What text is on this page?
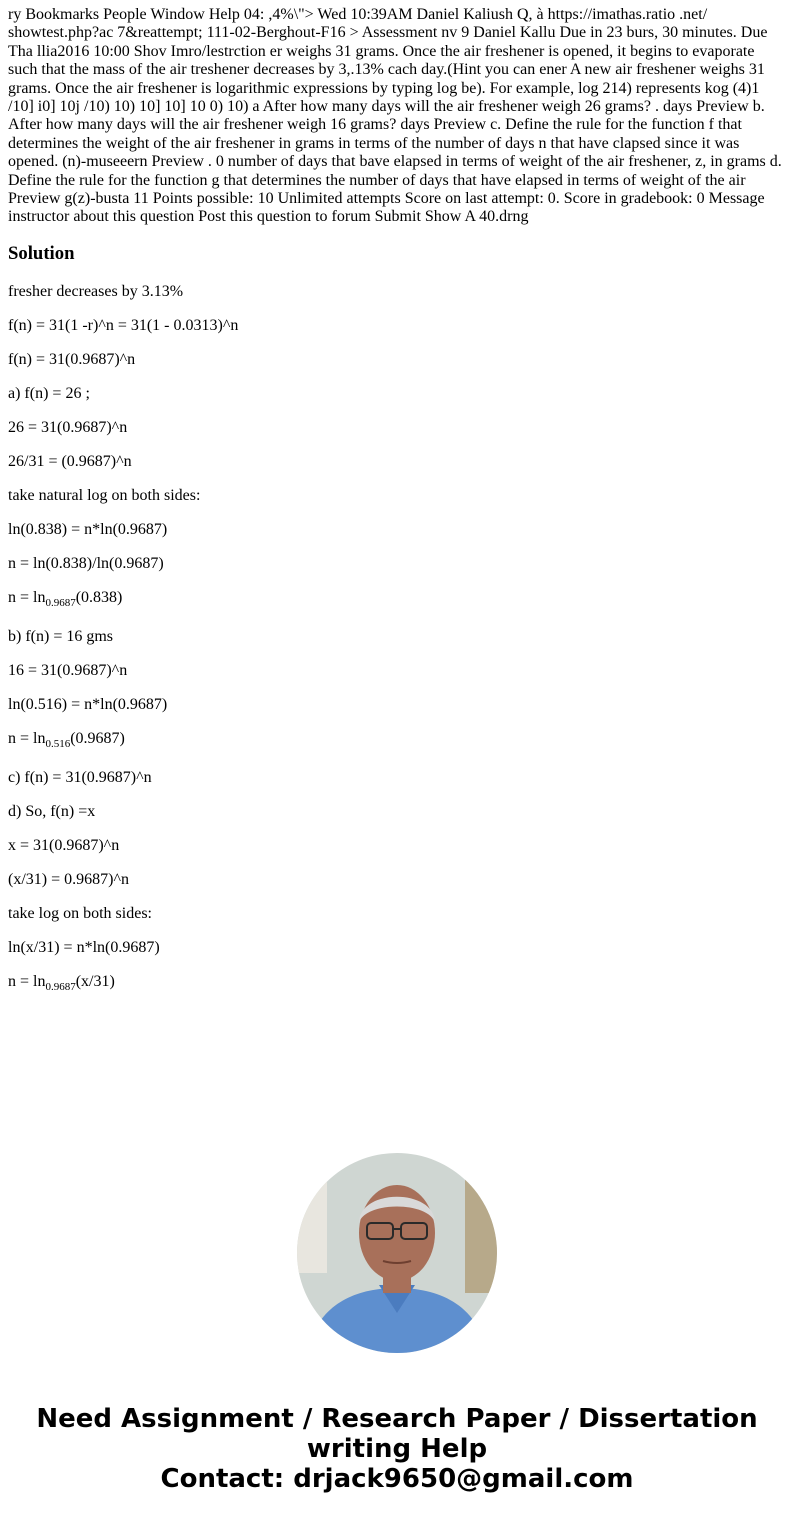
ry Bookmarks People Window Help 04: ,4%\"> Wed 10:39AM Daniel Kaliush Q, à https://imathas.ratio .net/ showtest.php?ac 7&reattempt; 111-02-Berghout-F16 > Assessment nv 9 Daniel Kallu Due in 23 burs, 30 minutes. Due Tha llia2016 10:00 Shov Imro/lestrction er weighs 31 grams. Once the air freshener is opened, it begins to evaporate such that the mass of the air treshener decreases by 3,.13% cach day.(Hint you can ener A new air freshener weighs 31 grams. Once the air freshener is logarithmic expressions by typing log be). For example, log 214) represents kog (4)1 /10] i0] 10j /10) 10) 10] 10] 10 0) 10) a After how many days will the air freshener weigh 26 grams? . days Preview b. After how many days will the air freshener weigh 16 grams? days Preview c. Define the rule for the function f that determines the weight of the air freshener in grams in terms of the number of days n that have clapsed since it was opened. (n)-museeern Preview . 0 number of days that bave elapsed in terms of weight of the air freshener, z, in grams d. Define the rule for the function g that determines the number of days that have elapsed in terms of weight of the air Preview g(z)-busta 11 Points possible: 10 Unlimited attempts Score on last attempt: 0. Score in gradebook: 0 Message instructor about this question Post this question to forum Submit Show A 40.drng

Solution

fresher decreases by 3.13%

f(n) = 31(1 -r)^n = 31(1 - 0.0313)^n

f(n) = 31(0.9687)^n

a) f(n) = 26 ;

26 = 31(0.9687)^n

26/31 = (0.9687)^n

take natural log on both sides:

ln(0.838) = n*ln(0.9687)

n = ln(0.838)/ln(0.9687)

$n = \ln_{0.9687}(0.838)$

b) f(n) = 16 gms

16 = 31(0.9687)^n

ln(0.516) = n*ln(0.9687)

$n = \ln_{0.516}(0.9687)$

c) f(n) = 31(0.9687)^n

d) So, f(n) =x

x = 31(0.9687)^n

(x/31) = 0.9687)^n

take log on both sides:

ln(x/31) = n*ln(0.9687)

$n = \ln_{0.9687}(x/31)$

Need Assignment / Research Paper / Dissertation
writing Help
Contact: drjack9650@gmail.com
